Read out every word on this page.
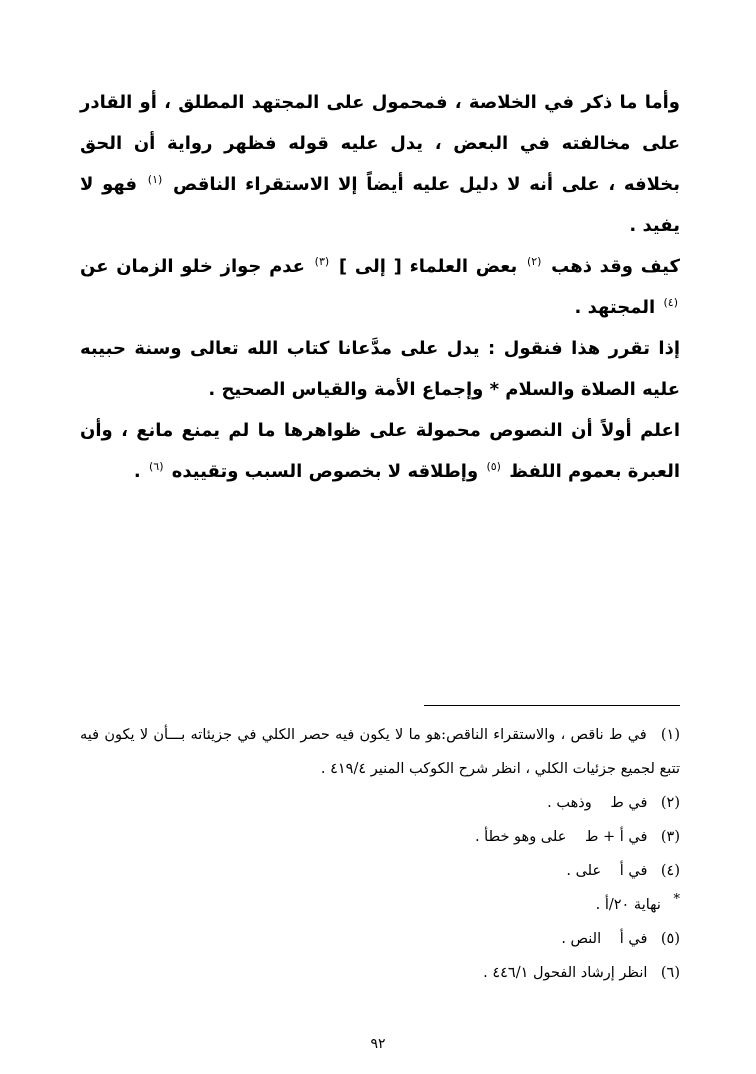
وأما ما ذكر في الخلاصة ، فمحمول على المجتهد المطلق ، أو القادر على مخالفته في البعض ، يدل عليه قوله فظهر رواية أن الحق بخلافه ، على أنه لا دليل عليه أيضاً إلا الاستقراء الناقص $^{(١)}$ فهو لا يفيد .

كيف وقد ذهب $^{(٢)}$ بعض العلماء [ إلى ] $^{(٣)}$ عدم جواز خلو الزمان عن $^{(٤)}$ المجتهد .

إذا تقرر هذا فنقول : يدل على مدَّعانا كتاب الله تعالى وسنة حبيبه عليه الصلاة والسلام * وإجماع الأمة والقياس الصحيح .

اعلم أولاً أن النصوص محمولة على ظواهرها ما لم يمنع مانع ، وأن العبرة بعموم اللفظ $^{(٥)}$ وإطلاقه لا بخصوص السبب وتقييده $^{(٦)}$ .

(١) في ط ناقص ، والاستقراء الناقص:هو ما لا يكون فيه حصر الكلي في جزيئاته بـــأن لا يكون فيه تتبع لجميع جزئيات الكلي ، انظر شرح الكوكب المنير ٤١٩/٤ .

(٢) في ط وذهب .

(٣) في أ + ط على وهو خطأ .

(٤) في أ على .

* نهاية ٢٠/أ .

(٥) في أ النص .

(٦) انظر إرشاد الفحول ٤٤٦/١ .

٩٢
